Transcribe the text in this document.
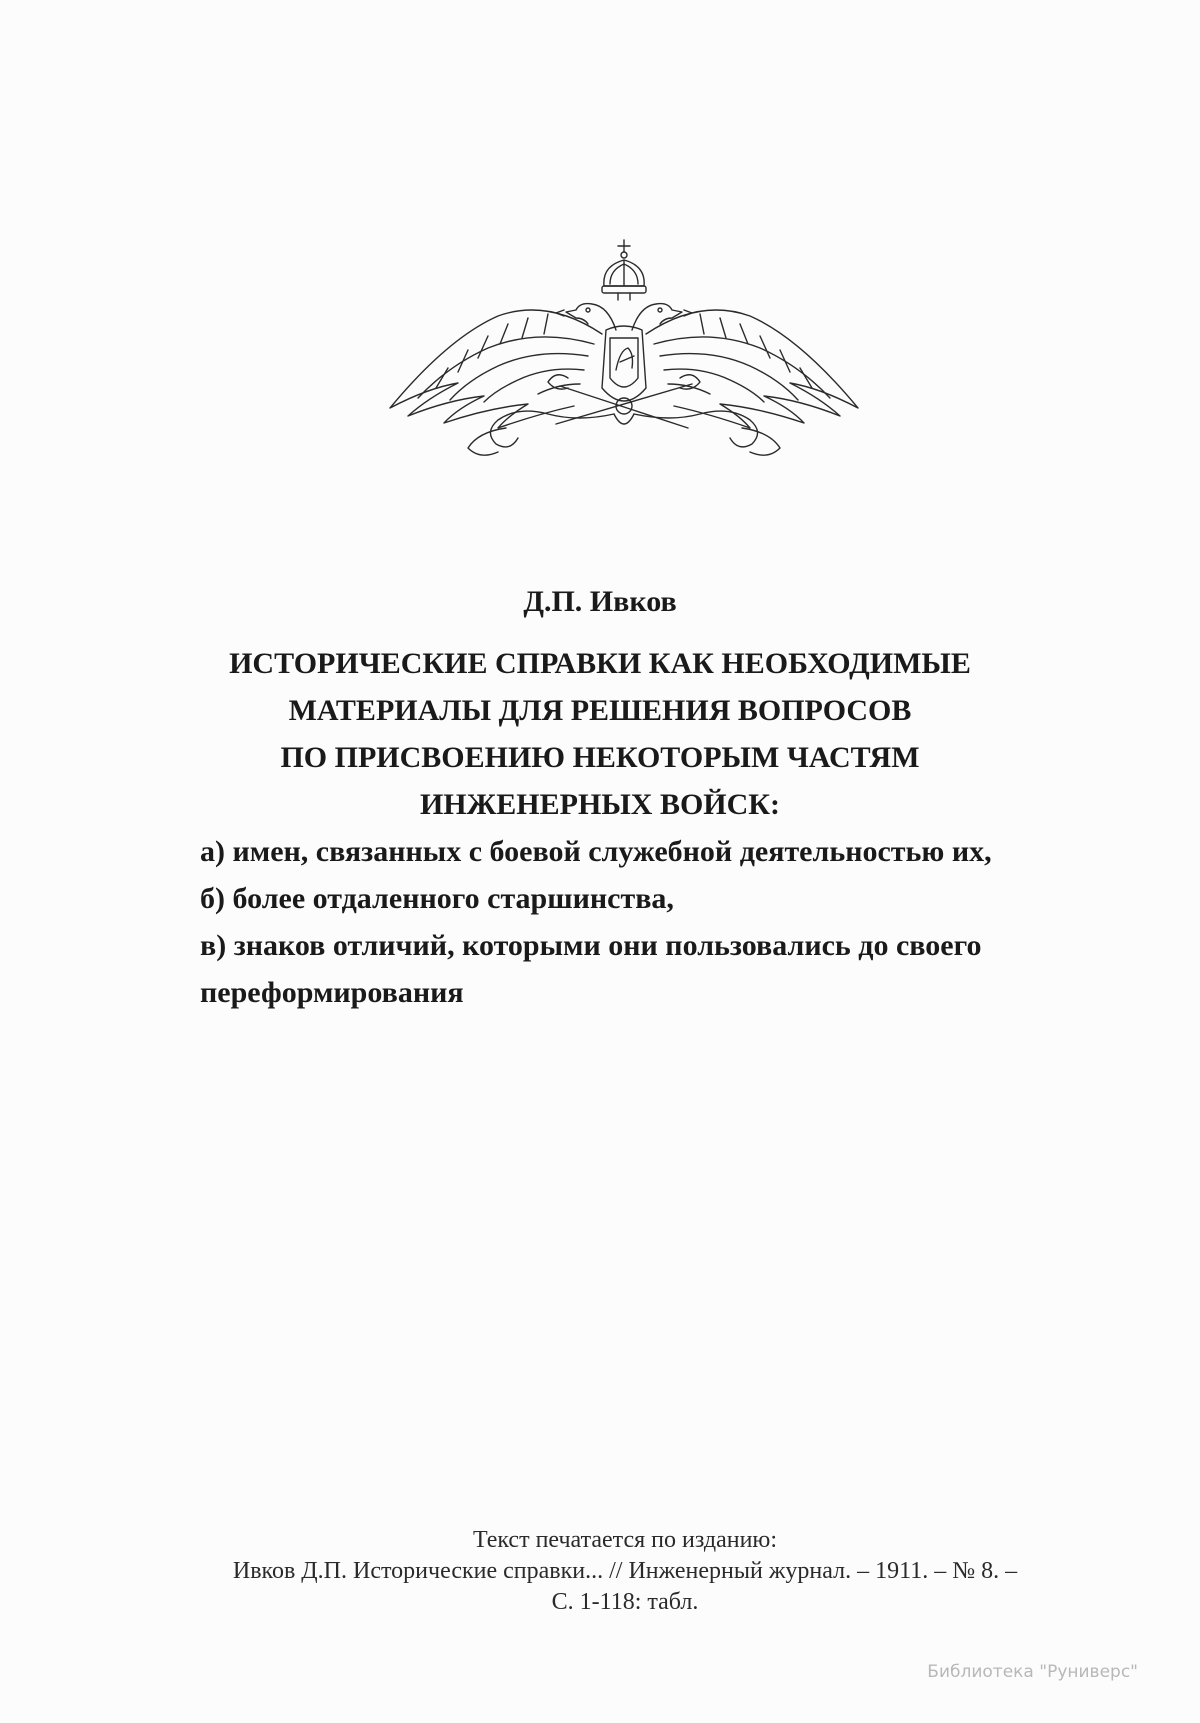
Д.П. Ивков
ИСТОРИЧЕСКИЕ СПРАВКИ КАК НЕОБХОДИМЫЕ
МАТЕРИАЛЫ ДЛЯ РЕШЕНИЯ ВОПРОСОВ
ПО ПРИСВОЕНИЮ НЕКОТОРЫМ ЧАСТЯМ
ИНЖЕНЕРНЫХ ВОЙСК:
а) имен, связанных с боевой служебной деятельностью их,
б) более отдаленного старшинства,
в) знаков отличий, которыми они пользовались до своего
переформирования
Текст печатается по изданию:
Ивков Д.П. Исторические справки... // Инженерный журнал. – 1911. – № 8. –
С. 1-118: табл.
Библиотека "Руниверс"
